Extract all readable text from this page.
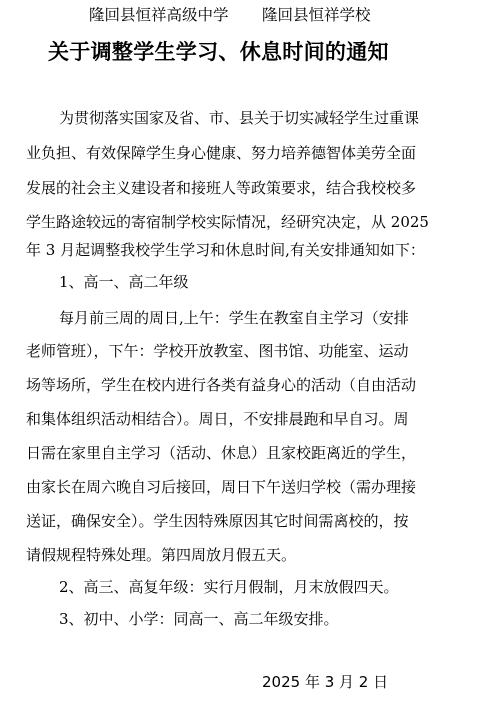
隆回县恒祥高级中学 隆回县恒祥学校
关于调整学生学习、休息时间的通知
为贯彻落实国家及省、市、县关于切实减轻学生过重课
业负担、有效保障学生身心健康、努力培养德智体美劳全面
发展的社会主义建设者和接班人等政策要求，结合我校校多
学生路途较远的寄宿制学校实际情况，经研究决定，从 2025
年 3 月起调整我校学生学习和休息时间,有关安排通知如下：
1、高一、高二年级
每月前三周的周日,上午：学生在教室自主学习（安排
老师管班），下午：学校开放教室、图书馆、功能室、运动
场等场所，学生在校内进行各类有益身心的活动（自由活动
和集体组织活动相结合）。周日，不安排晨跑和早自习。周
日需在家里自主学习（活动、休息）且家校距离近的学生，
由家长在周六晚自习后接回，周日下午送归学校（需办理接
送证，确保安全）。学生因特殊原因其它时间需离校的，按
请假规程特殊处理。第四周放月假五天。
2、高三、高复年级：实行月假制，月末放假四天。
3、初中、小学：同高一、高二年级安排。
2025 年 3 月 2 日
